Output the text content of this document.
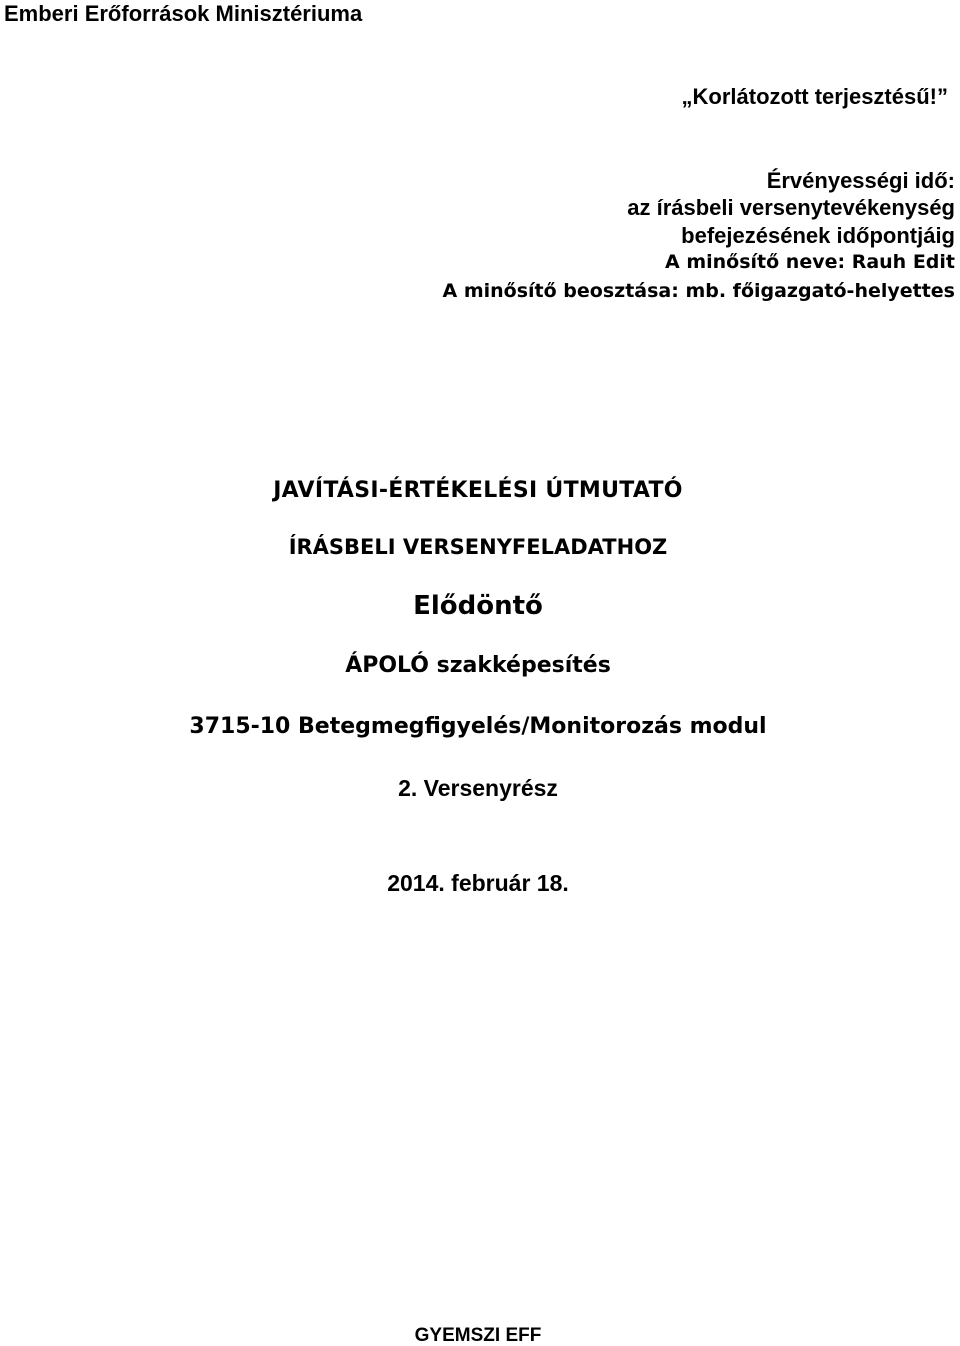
Emberi Erőforrások Minisztériuma
„Korlátozott terjesztésű!”
Érvényességi idő:
az írásbeli versenytevékenység
befejezésének időpontjáig
A minősítő neve: Rauh Edit
A minősítő beosztása: mb. főigazgató-helyettes
JAVÍTÁSI-ÉRTÉKELÉSI ÚTMUTATÓ
ÍRÁSBELI VERSENYFELADATHOZ
Elődöntő
ÁPOLÓ szakképesítés
3715-10 Betegmegfigyelés/Monitorozás modul
2. Versenyrész
2014. február 18.
GYEMSZI EFF
